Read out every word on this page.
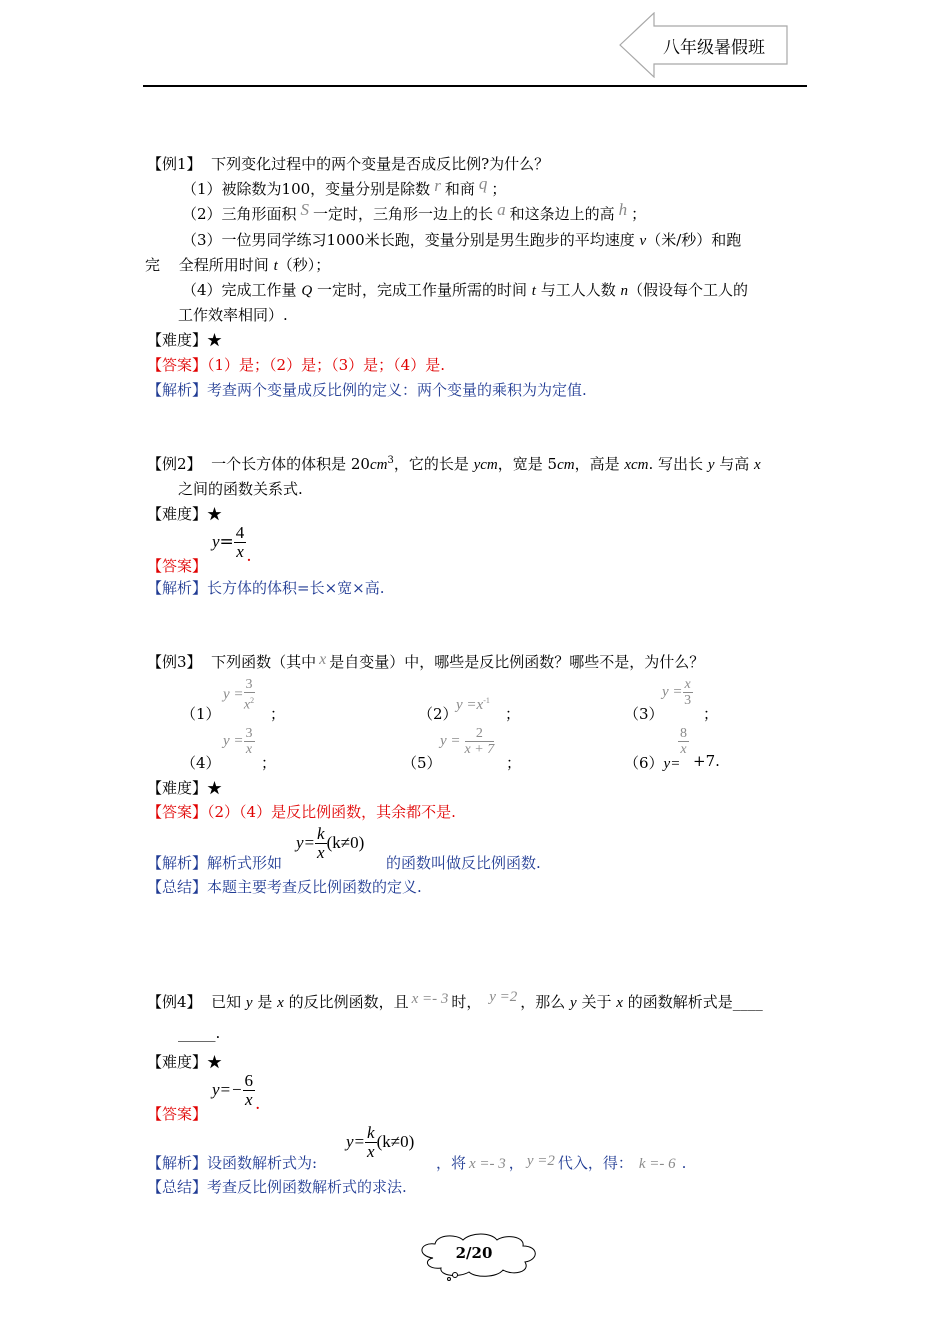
八年级暑假班
【例1】 下列变化过程中的两个变量是否成反比例?为什么？
（1）被除数为100，变量分别是除数 r 和商 q ；
（2）三角形面积 S 一定时，三角形一边上的长 a 和这条边上的高 h ；
（3）一位男同学练习1000米长跑，变量分别是男生跑步的平均速度 v（米/秒）和跑
完 全程所用时间 t（秒）；
（4）完成工作量 Q 一定时，完成工作量所需的时间 t 与工人人数 n（假设每个工人的
工作效率相同）.
【难度】★
【答案】（1）是；（2）是；（3）是；（4）是.
【解析】考查两个变量成反比例的定义：两个变量的乘积为为定值.
【例2】 一个长方体的体积是 $20cm^3$，它的长是 ycm，宽是 5cm，高是 xcm. 写出长 y 与高 x
之间的函数关系式.
【难度】★
【答案】
$y= \frac{4}{x}$ .
【解析】长方体的体积=长×宽×高.
【例3】 下列函数（其中 x 是自变量）中，哪些是反比例函数？哪些不是，为什么？
（1）
$y = \frac{3}{x^2}$
；	（2）
$y =x^{-1}$
；	（3）
$y = \frac{x}{3}$
；
（4）
$y = \frac{3}{x}$
；	（5）
$y = \frac{2}{x + 7}$
；	（6）y=
$\frac{8}{x}$
+7.
【难度】★
【答案】（2）（4）是反比例函数，其余都不是.
【解析】解析式形如
$y= \frac{k}{x} (k\ne 0)$
的函数叫做反比例函数.
【总结】本题主要考查反比例函数的定义.
【例4】 已知 y 是 x 的反比例函数，且 x =- 3 时， y =2 ，那么 y 关于 x 的函数解析式是____
_____.
【难度】★
【答案】
$y=- \frac{6}{x}$ .
【解析】设函数解析式为:
$y= \frac{k}{x} (k\ne 0)$
，将 x =- 3 ， y =2 代入，得： k =- 6 .
【总结】考查反比例函数解析式的求法.
2/20
